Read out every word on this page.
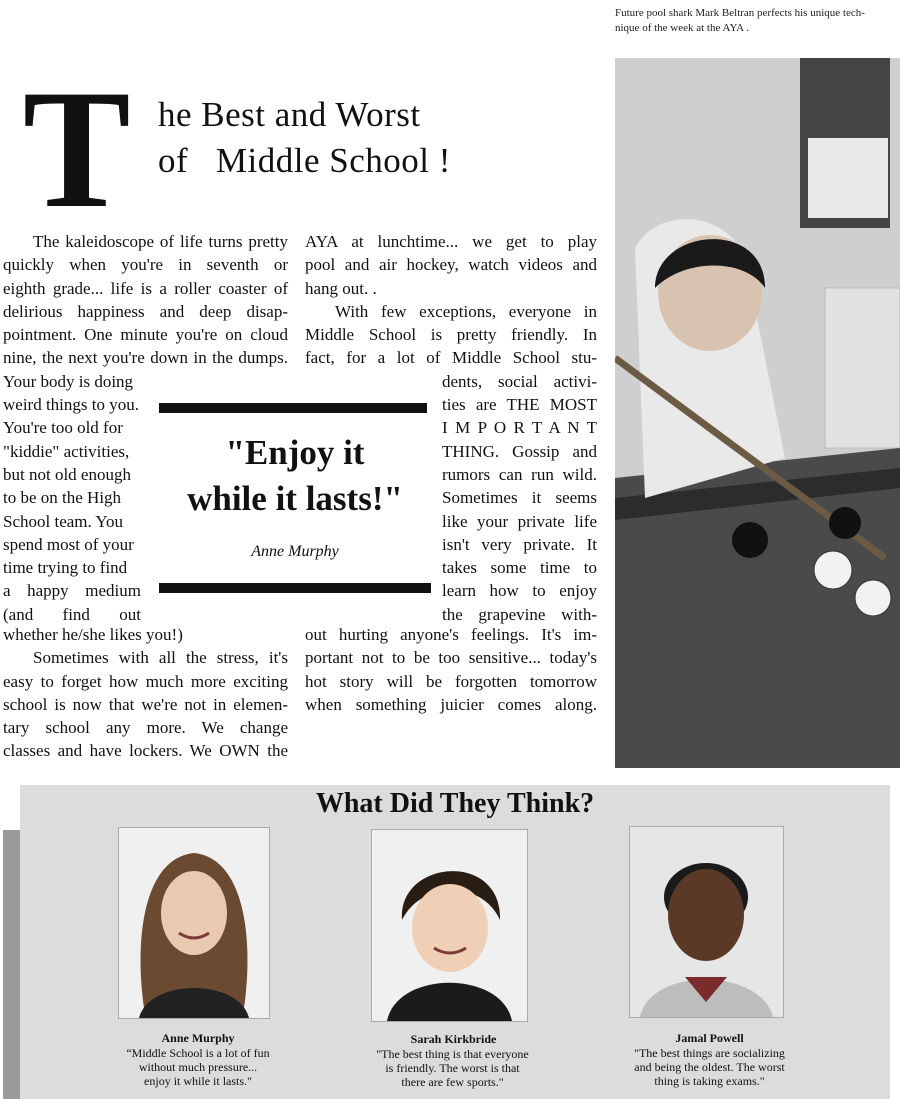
Future pool shark Mark Beltran perfects his unique tech-
nique of the week at the AYA .
T he Best and Worst
of   Middle School !
The kaleidoscope of life turns pretty
quickly when you're in seventh or
eighth grade... life is a roller coaster of
delirious happiness and deep disap-
pointment. One minute you're on cloud
nine, the next you're down in the dumps.
Your body is doing
weird things to you.
You're too old for
"kiddie" activities,
but not old enough
to be on the High
School team. You
spend most of your
time trying to find
a happy medium
(and find out
whether he/she likes you!)
Sometimes with all the stress, it's
easy to forget how much more exciting
school is now that we're not in elemen-
tary school any more. We change
classes and have lockers. We OWN the
AYA at lunchtime... we get to play
pool and air hockey, watch videos and
hang out. .
With few exceptions, everyone in
Middle School is pretty friendly. In
fact, for a lot of Middle School stu-
dents, social activi-
ties are THE MOST
I M P O R T A N T
THING. Gossip and
rumors can run wild.
Sometimes it seems
like your private life
isn't very private. It
takes some time to
learn how to enjoy
the grapevine with-
out hurting anyone's feelings. It's im-
portant not to be too sensitive... today's
hot story will be forgotten tomorrow
when something juicier comes along.
"Enjoy it
while it lasts!"
Anne Murphy
What Did They Think?
Anne Murphy
“Middle School is a lot of fun
without much pressure...
enjoy it while it lasts."
Sarah Kirkbride
"The best thing is that everyone
is friendly. The worst is that
there are few sports."
Jamal Powell
"The best things are socializing
and being the oldest. The worst
thing is taking exams."
